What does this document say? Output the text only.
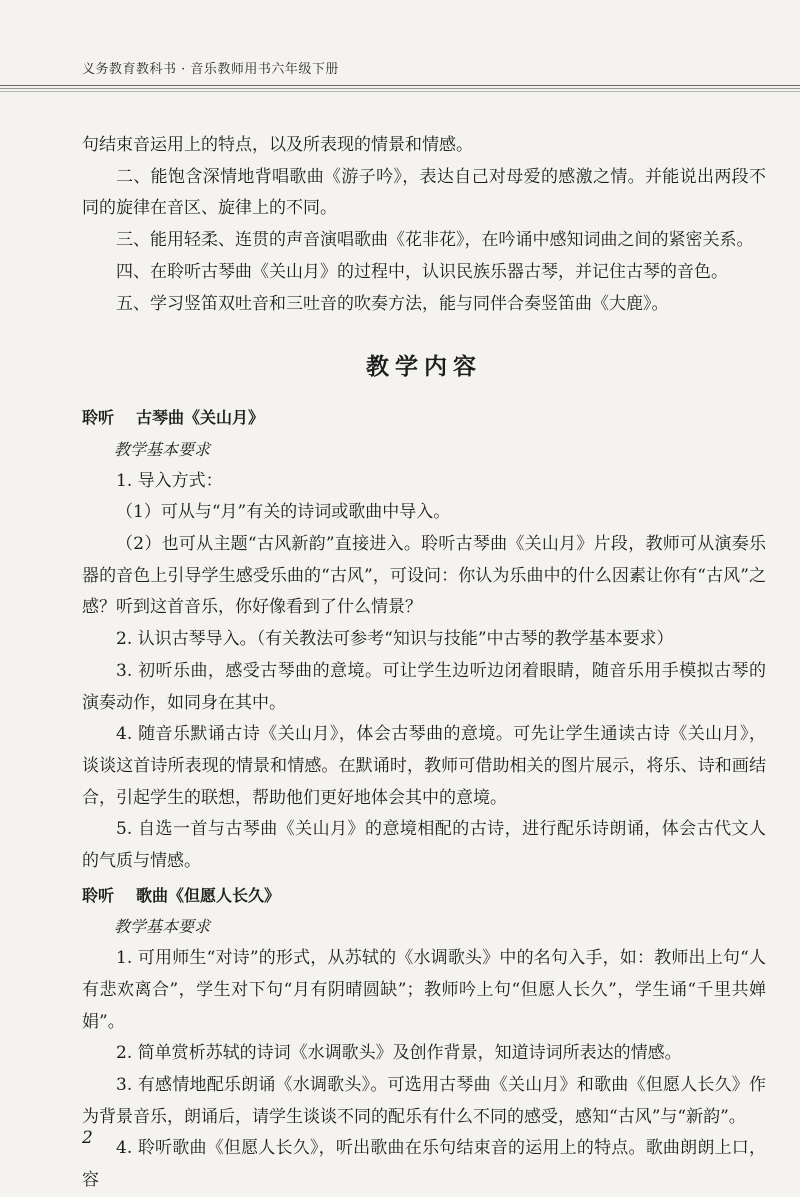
义务教育教科书 · 音乐教师用书六年级下册

句结束音运用上的特点，以及所表现的情景和情感。

二、能饱含深情地背唱歌曲《游子吟》，表达自己对母爱的感激之情。并能说出两段不同的旋律在音区、旋律上的不同。

三、能用轻柔、连贯的声音演唱歌曲《花非花》，在吟诵中感知词曲之间的紧密关系。

四、在聆听古琴曲《关山月》的过程中，认识民族乐器古琴，并记住古琴的音色。

五、学习竖笛双吐音和三吐音的吹奏方法，能与同伴合奏竖笛曲《大鹿》。

教学内容

聆听 古琴曲《关山月》

教学基本要求

1. 导入方式：

（1）可从与“月”有关的诗词或歌曲中导入。

（2）也可从主题“古风新韵”直接进入。聆听古琴曲《关山月》片段，教师可从演奏乐器的音色上引导学生感受乐曲的“古风”，可设问：你认为乐曲中的什么因素让你有“古风”之感？听到这首音乐，你好像看到了什么情景？

2. 认识古琴导入。（有关教法可参考“知识与技能”中古琴的教学基本要求）

3. 初听乐曲，感受古琴曲的意境。可让学生边听边闭着眼睛，随音乐用手模拟古琴的演奏动作，如同身在其中。

4. 随音乐默诵古诗《关山月》，体会古琴曲的意境。可先让学生通读古诗《关山月》，谈谈这首诗所表现的情景和情感。在默诵时，教师可借助相关的图片展示，将乐、诗和画结合，引起学生的联想，帮助他们更好地体会其中的意境。

5. 自选一首与古琴曲《关山月》的意境相配的古诗，进行配乐诗朗诵，体会古代文人的气质与情感。

聆听 歌曲《但愿人长久》

教学基本要求

1. 可用师生“对诗”的形式，从苏轼的《水调歌头》中的名句入手，如：教师出上句“人有悲欢离合”，学生对下句“月有阴晴圆缺”；教师吟上句“但愿人长久”，学生诵“千里共婵娟”。

2. 简单赏析苏轼的诗词《水调歌头》及创作背景，知道诗词所表达的情感。

3. 有感情地配乐朗诵《水调歌头》。可选用古琴曲《关山月》和歌曲《但愿人长久》作为背景音乐，朗诵后，请学生谈谈不同的配乐有什么不同的感受，感知“古风”与“新韵”。

4. 聆听歌曲《但愿人长久》，听出歌曲在乐句结束音的运用上的特点。歌曲朗朗上口，容

2
